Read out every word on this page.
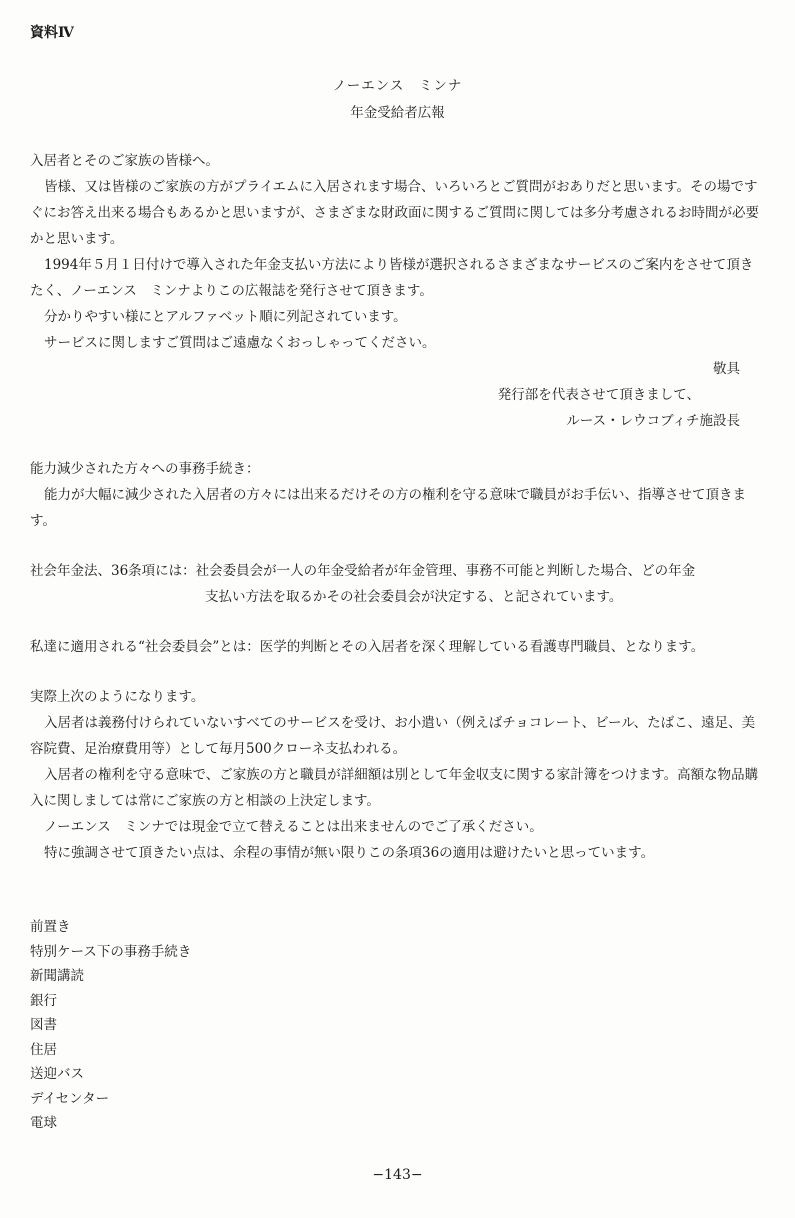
資料Ⅳ
ノーエンス　ミンナ
年金受給者広報

入居者とそのご家族の皆様へ。

皆様、又は皆様のご家族の方がプライエムに入居されます場合、いろいろとご質問がおありだと思います。その場ですぐにお答え出来る場合もあるかと思いますが、さまざまな財政面に関するご質問に関しては多分考慮されるお時間が必要かと思います。

1994年５月１日付けで導入された年金支払い方法により皆様が選択されるさまざまなサービスのご案内をさせて頂きたく、ノーエンス　ミンナよりこの広報誌を発行させて頂きます。

分かりやすい様にとアルファベット順に列記されています。

サービスに関しますご質問はご遠慮なくおっしゃってください。

敬具

発行部を代表させて頂きまして、

ルース・レウコブィチ施設長

能力減少された方々への事務手続き：

能力が大幅に減少された入居者の方々には出来るだけその方の権利を守る意味で職員がお手伝い、指導させて頂きます。

社会年金法、36条項には：社会委員会が一人の年金受給者が年金管理、事務不可能と判断した場合、どの年金

支払い方法を取るかその社会委員会が決定する、と記されています。

私達に適用される“社会委員会”とは：医学的判断とその入居者を深く理解している看護専門職員、となります。

実際上次のようになります。

入居者は義務付けられていないすべてのサービスを受け、お小遣い（例えばチョコレート、ビール、たばこ、遠足、美容院費、足治療費用等）として毎月500クローネ支払われる。

入居者の権利を守る意味で、ご家族の方と職員が詳細額は別として年金収支に関する家計簿をつけます。高額な物品購入に関しましては常にご家族の方と相談の上決定します。

ノーエンス　ミンナでは現金で立て替えることは出来ませんのでご了承ください。

特に強調させて頂きたい点は、余程の事情が無い限りこの条項36の適用は避けたいと思っています。

前置き
特別ケース下の事務手続き
新聞講読
銀行
図書
住居
送迎バス
デイセンター
電球
−143−
